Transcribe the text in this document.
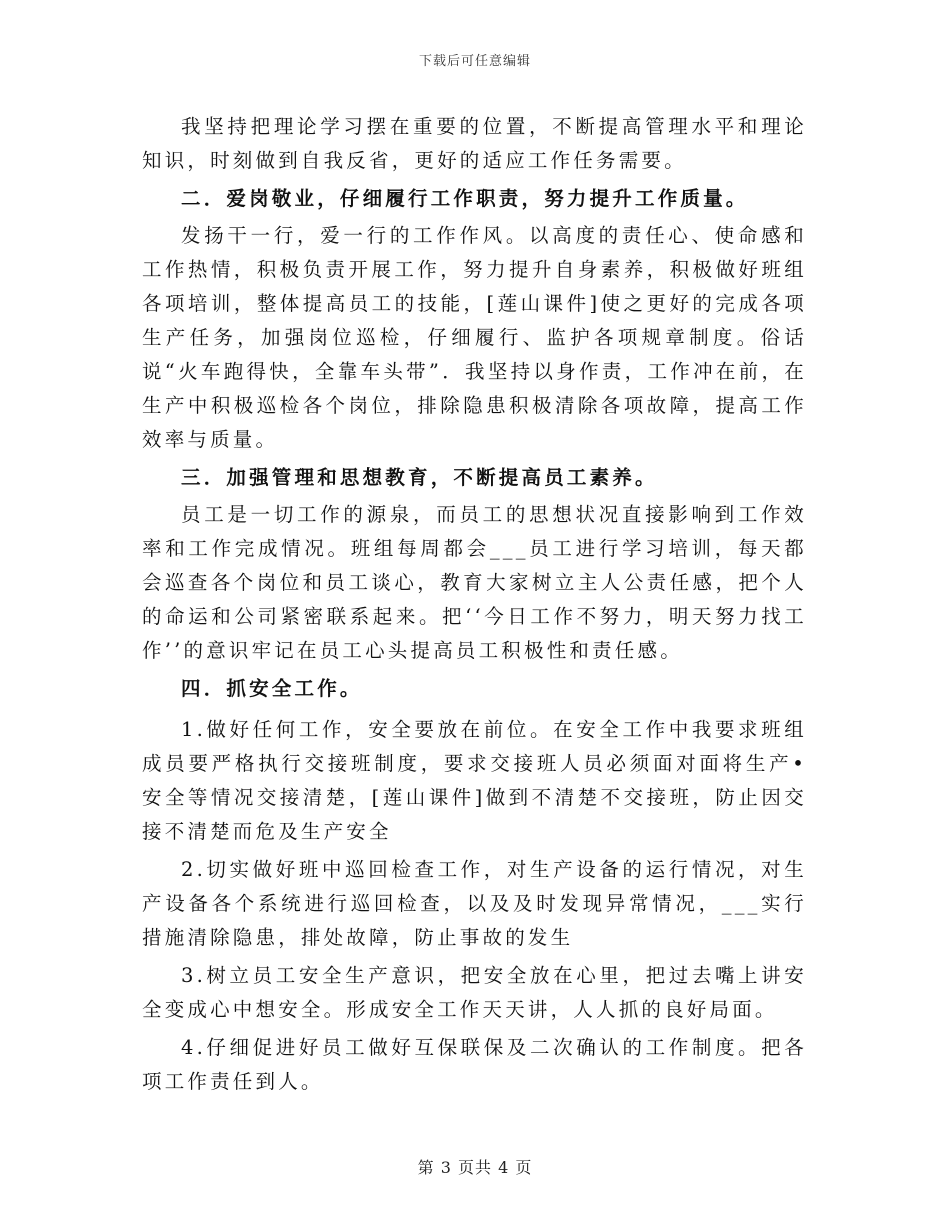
下载后可任意编辑

我坚持把理论学习摆在重要的位置，不断提高管理水平和理论知识，时刻做到自我反省，更好的适应工作任务需要。

二．爱岗敬业，仔细履行工作职责，努力提升工作质量。

发扬干一行，爱一行的工作作风。以高度的责任心、使命感和工作热情，积极负责开展工作，努力提升自身素养，积极做好班组各项培训，整体提高员工的技能，[莲山课件]使之更好的完成各项生产任务，加强岗位巡检，仔细履行、监护各项规章制度。俗话说“火车跑得快，全靠车头带”．我坚持以身作责，工作冲在前，在生产中积极巡检各个岗位，排除隐患积极清除各项故障，提高工作效率与质量。

三．加强管理和思想教育，不断提高员工素养。

员工是一切工作的源泉，而员工的思想状况直接影响到工作效率和工作完成情况。班组每周都会___员工进行学习培训，每天都会巡查各个岗位和员工谈心，教育大家树立主人公责任感，把个人的命运和公司紧密联系起来。把‘‘今日工作不努力，明天努力找工作’’的意识牢记在员工心头提高员工积极性和责任感。

四．抓安全工作。

1.做好任何工作，安全要放在前位。在安全工作中我要求班组成员要严格执行交接班制度，要求交接班人员必须面对面将生产•安全等情况交接清楚，[莲山课件]做到不清楚不交接班，防止因交接不清楚而危及生产安全

2.切实做好班中巡回检查工作，对生产设备的运行情况，对生产设备各个系统进行巡回检查，以及及时发现异常情况，___实行措施清除隐患，排处故障，防止事故的发生

3.树立员工安全生产意识，把安全放在心里，把过去嘴上讲安全变成心中想安全。形成安全工作天天讲，人人抓的良好局面。

4.仔细促进好员工做好互保联保及二次确认的工作制度。把各项工作责任到人。

第 3 页共 4 页
